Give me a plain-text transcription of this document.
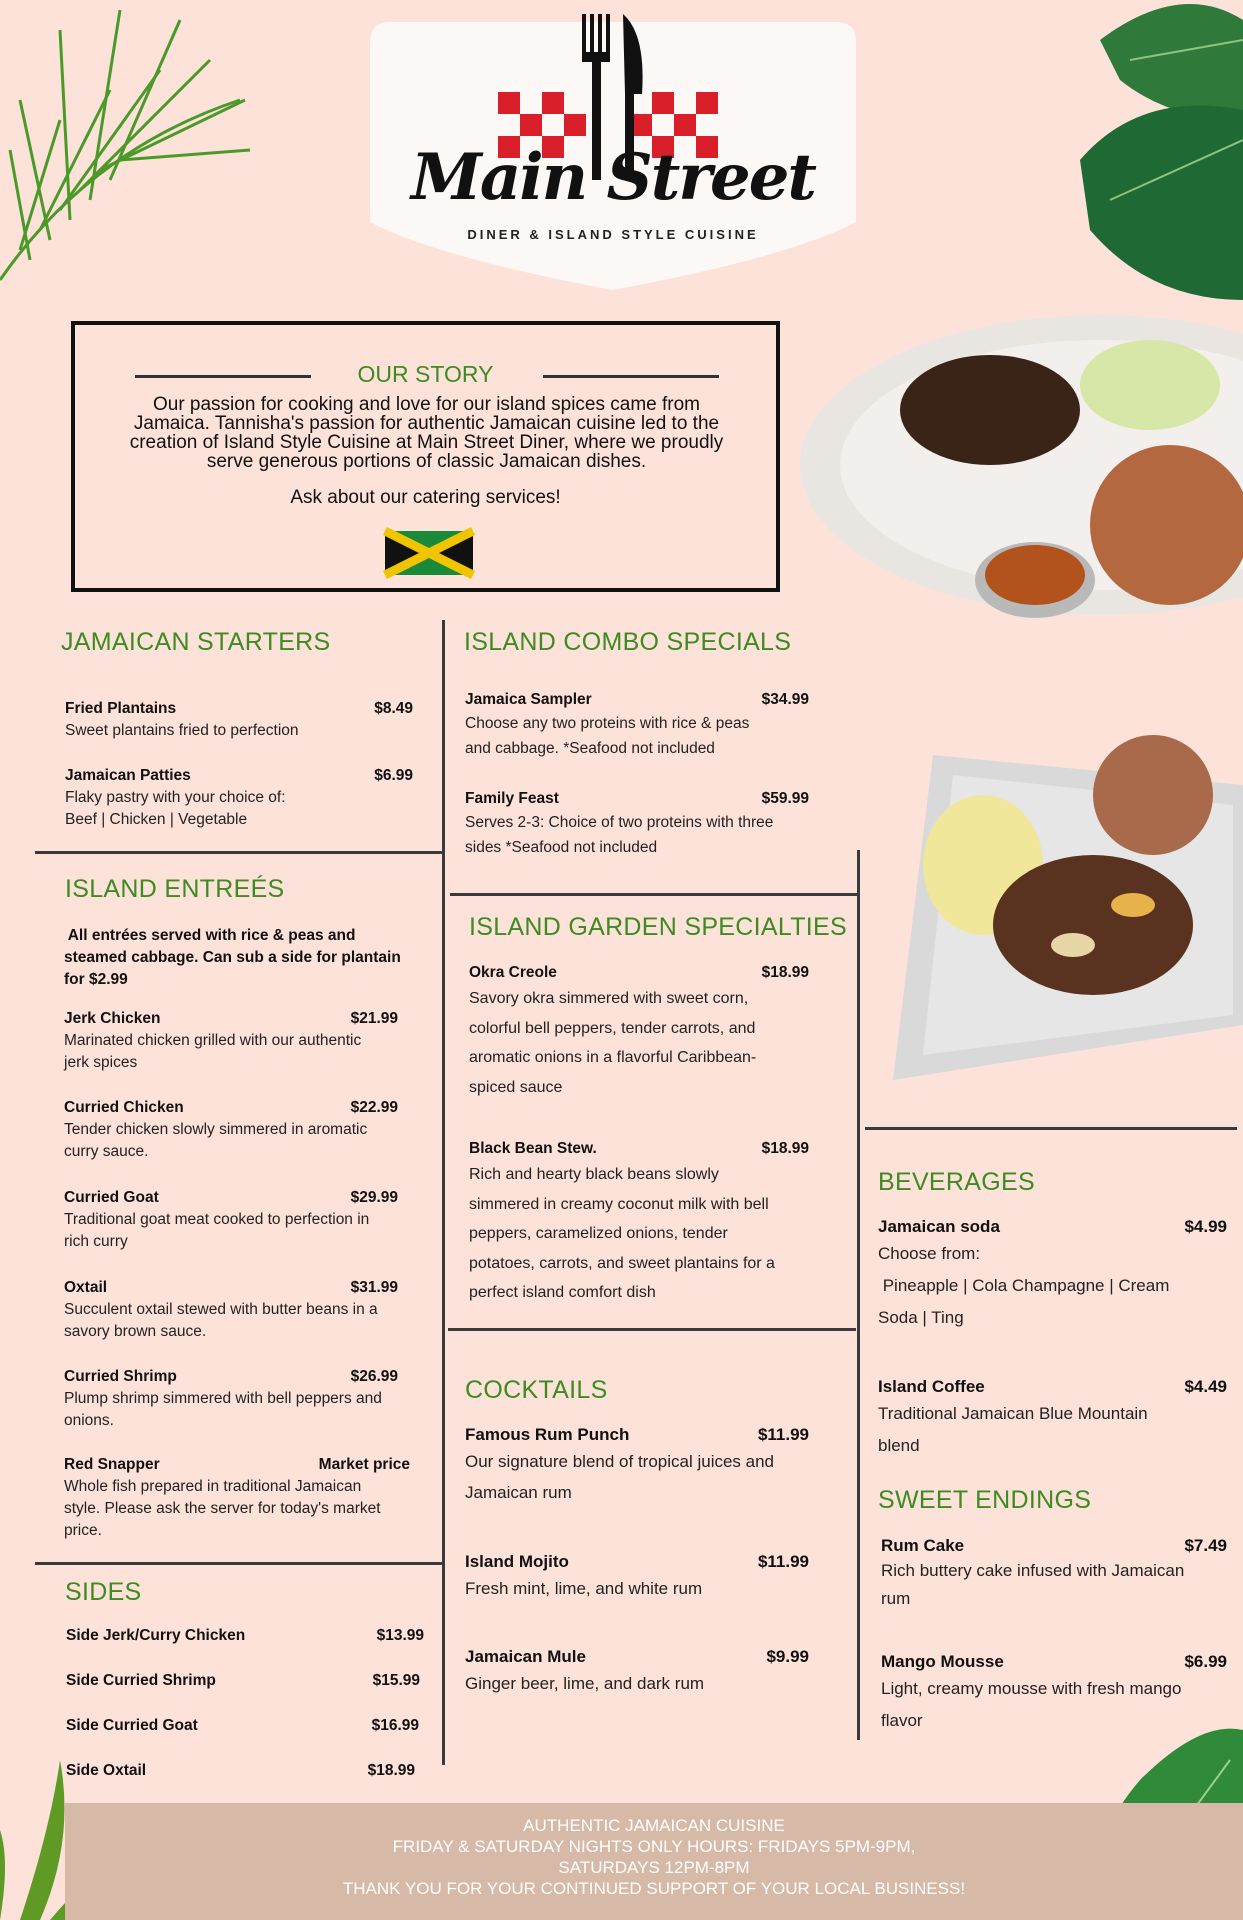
Main Street
DINER & ISLAND STYLE CUISINE
OUR STORY
Our passion for cooking and love for our island spices came from
Jamaica. Tannisha's passion for authentic Jamaican cuisine led to the
creation of Island Style Cuisine at Main Street Diner, where we proudly
serve generous portions of classic Jamaican dishes.
Ask about our catering services!
JAMAICAN STARTERS
Fried Plantains	$8.49
Sweet plantains fried to perfection
Jamaican Patties	$6.99
Flaky pastry with your choice of:
Beef | Chicken | Vegetable
ISLAND ENTREÉS
All entrées served with rice & peas and
steamed cabbage. Can sub a side for plantain
for $2.99
Jerk Chicken	$21.99
Marinated chicken grilled with our authentic
jerk spices
Curried Chicken	$22.99
Tender chicken slowly simmered in aromatic
curry sauce.
Curried Goat	$29.99
Traditional goat meat cooked to perfection in
rich curry
Oxtail	$31.99
Succulent oxtail stewed with butter beans in a
savory brown sauce.
Curried Shrimp	$26.99
Plump shrimp simmered with bell peppers and
onions.
Red Snapper	Market price
Whole fish prepared in traditional Jamaican
style. Please ask the server for today's market
price.
SIDES
Side Jerk/Curry Chicken	$13.99
Side Curried Shrimp	$15.99
Side Curried Goat	$16.99
Side Oxtail	$18.99
ISLAND COMBO SPECIALS
Jamaica Sampler	$34.99
Choose any two proteins with rice & peas
and cabbage. *Seafood not included
Family Feast	$59.99
Serves 2-3: Choice of two proteins with three
sides *Seafood not included
ISLAND GARDEN SPECIALTIES
Okra Creole	$18.99
Savory okra simmered with sweet corn,
colorful bell peppers, tender carrots, and
aromatic onions in a flavorful Caribbean-
spiced sauce
Black Bean Stew.	$18.99
Rich and hearty black beans slowly
simmered in creamy coconut milk with bell
peppers, caramelized onions, tender
potatoes, carrots, and sweet plantains for a
perfect island comfort dish
COCKTAILS
Famous Rum Punch	$11.99
Our signature blend of tropical juices and
Jamaican rum
Island Mojito	$11.99
Fresh mint, lime, and white rum
Jamaican Mule	$9.99
Ginger beer, lime, and dark rum
BEVERAGES
Jamaican soda	$4.99
Choose from:
Pineapple | Cola Champagne | Cream
Soda | Ting
Island Coffee	$4.49
Traditional Jamaican Blue Mountain
blend
SWEET ENDINGS
Rum Cake	$7.49
Rich buttery cake infused with Jamaican
rum
Mango Mousse	$6.99
Light, creamy mousse with fresh mango
flavor
AUTHENTIC JAMAICAN CUISINE
FRIDAY & SATURDAY NIGHTS ONLY HOURS: FRIDAYS 5PM-9PM,
SATURDAYS 12PM-8PM
THANK YOU FOR YOUR CONTINUED SUPPORT OF YOUR LOCAL BUSINESS!
